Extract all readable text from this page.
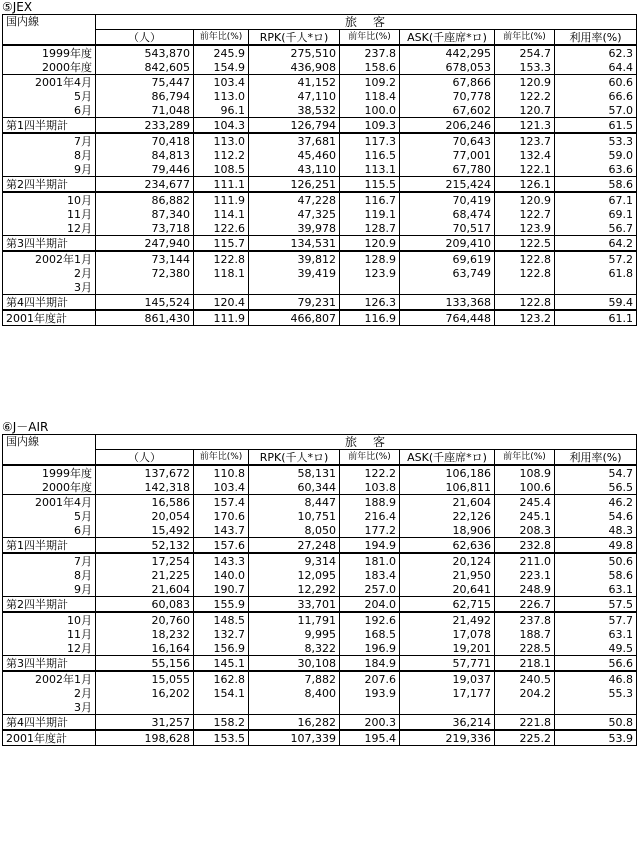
⑤JEX
国内線	旅　客						
	（人）	前年比(%)	RPK(千人*ロ)	前年比(%)	ASK(千座席*ロ)	前年比(%)	利用率(%)
1999年度	543,870	245.9	275,510	237.8	442,295	254.7	62.3
2000年度	842,605	154.9	436,908	158.6	678,053	153.3	64.4
2001年4月	75,447	103.4	41,152	109.2	67,866	120.9	60.6
5月	86,794	113.0	47,110	118.4	70,778	122.2	66.6
6月	71,048	96.1	38,532	100.0	67,602	120.7	57.0
第1四半期計	233,289	104.3	126,794	109.3	206,246	121.3	61.5
7月	70,418	113.0	37,681	117.3	70,643	123.7	53.3
8月	84,813	112.2	45,460	116.5	77,001	132.4	59.0
9月	79,446	108.5	43,110	113.1	67,780	122.1	63.6
第2四半期計	234,677	111.1	126,251	115.5	215,424	126.1	58.6
10月	86,882	111.9	47,228	116.7	70,419	120.9	67.1
11月	87,340	114.1	47,325	119.1	68,474	122.7	69.1
12月	73,718	122.6	39,978	128.7	70,517	123.9	56.7
第3四半期計	247,940	115.7	134,531	120.9	209,410	122.5	64.2
2002年1月	73,144	122.8	39,812	128.9	69,619	122.8	57.2
2月	72,380	118.1	39,419	123.9	63,749	122.8	61.8
3月							
第4四半期計	145,524	120.4	79,231	126.3	133,368	122.8	59.4
2001年度計	861,430	111.9	466,807	116.9	764,448	123.2	61.1
⑥J－AIR
国内線	旅　客						
	（人）	前年比(%)	RPK(千人*ロ)	前年比(%)	ASK(千座席*ロ)	前年比(%)	利用率(%)
1999年度	137,672	110.8	58,131	122.2	106,186	108.9	54.7
2000年度	142,318	103.4	60,344	103.8	106,811	100.6	56.5
2001年4月	16,586	157.4	8,447	188.9	21,604	245.4	46.2
5月	20,054	170.6	10,751	216.4	22,126	245.1	54.6
6月	15,492	143.7	8,050	177.2	18,906	208.3	48.3
第1四半期計	52,132	157.6	27,248	194.9	62,636	232.8	49.8
7月	17,254	143.3	9,314	181.0	20,124	211.0	50.6
8月	21,225	140.0	12,095	183.4	21,950	223.1	58.6
9月	21,604	190.7	12,292	257.0	20,641	248.9	63.1
第2四半期計	60,083	155.9	33,701	204.0	62,715	226.7	57.5
10月	20,760	148.5	11,791	192.6	21,492	237.8	57.7
11月	18,232	132.7	9,995	168.5	17,078	188.7	63.1
12月	16,164	156.9	8,322	196.9	19,201	228.5	49.5
第3四半期計	55,156	145.1	30,108	184.9	57,771	218.1	56.6
2002年1月	15,055	162.8	7,882	207.6	19,037	240.5	46.8
2月	16,202	154.1	8,400	193.9	17,177	204.2	55.3
3月							
第4四半期計	31,257	158.2	16,282	200.3	36,214	221.8	50.8
2001年度計	198,628	153.5	107,339	195.4	219,336	225.2	53.9
